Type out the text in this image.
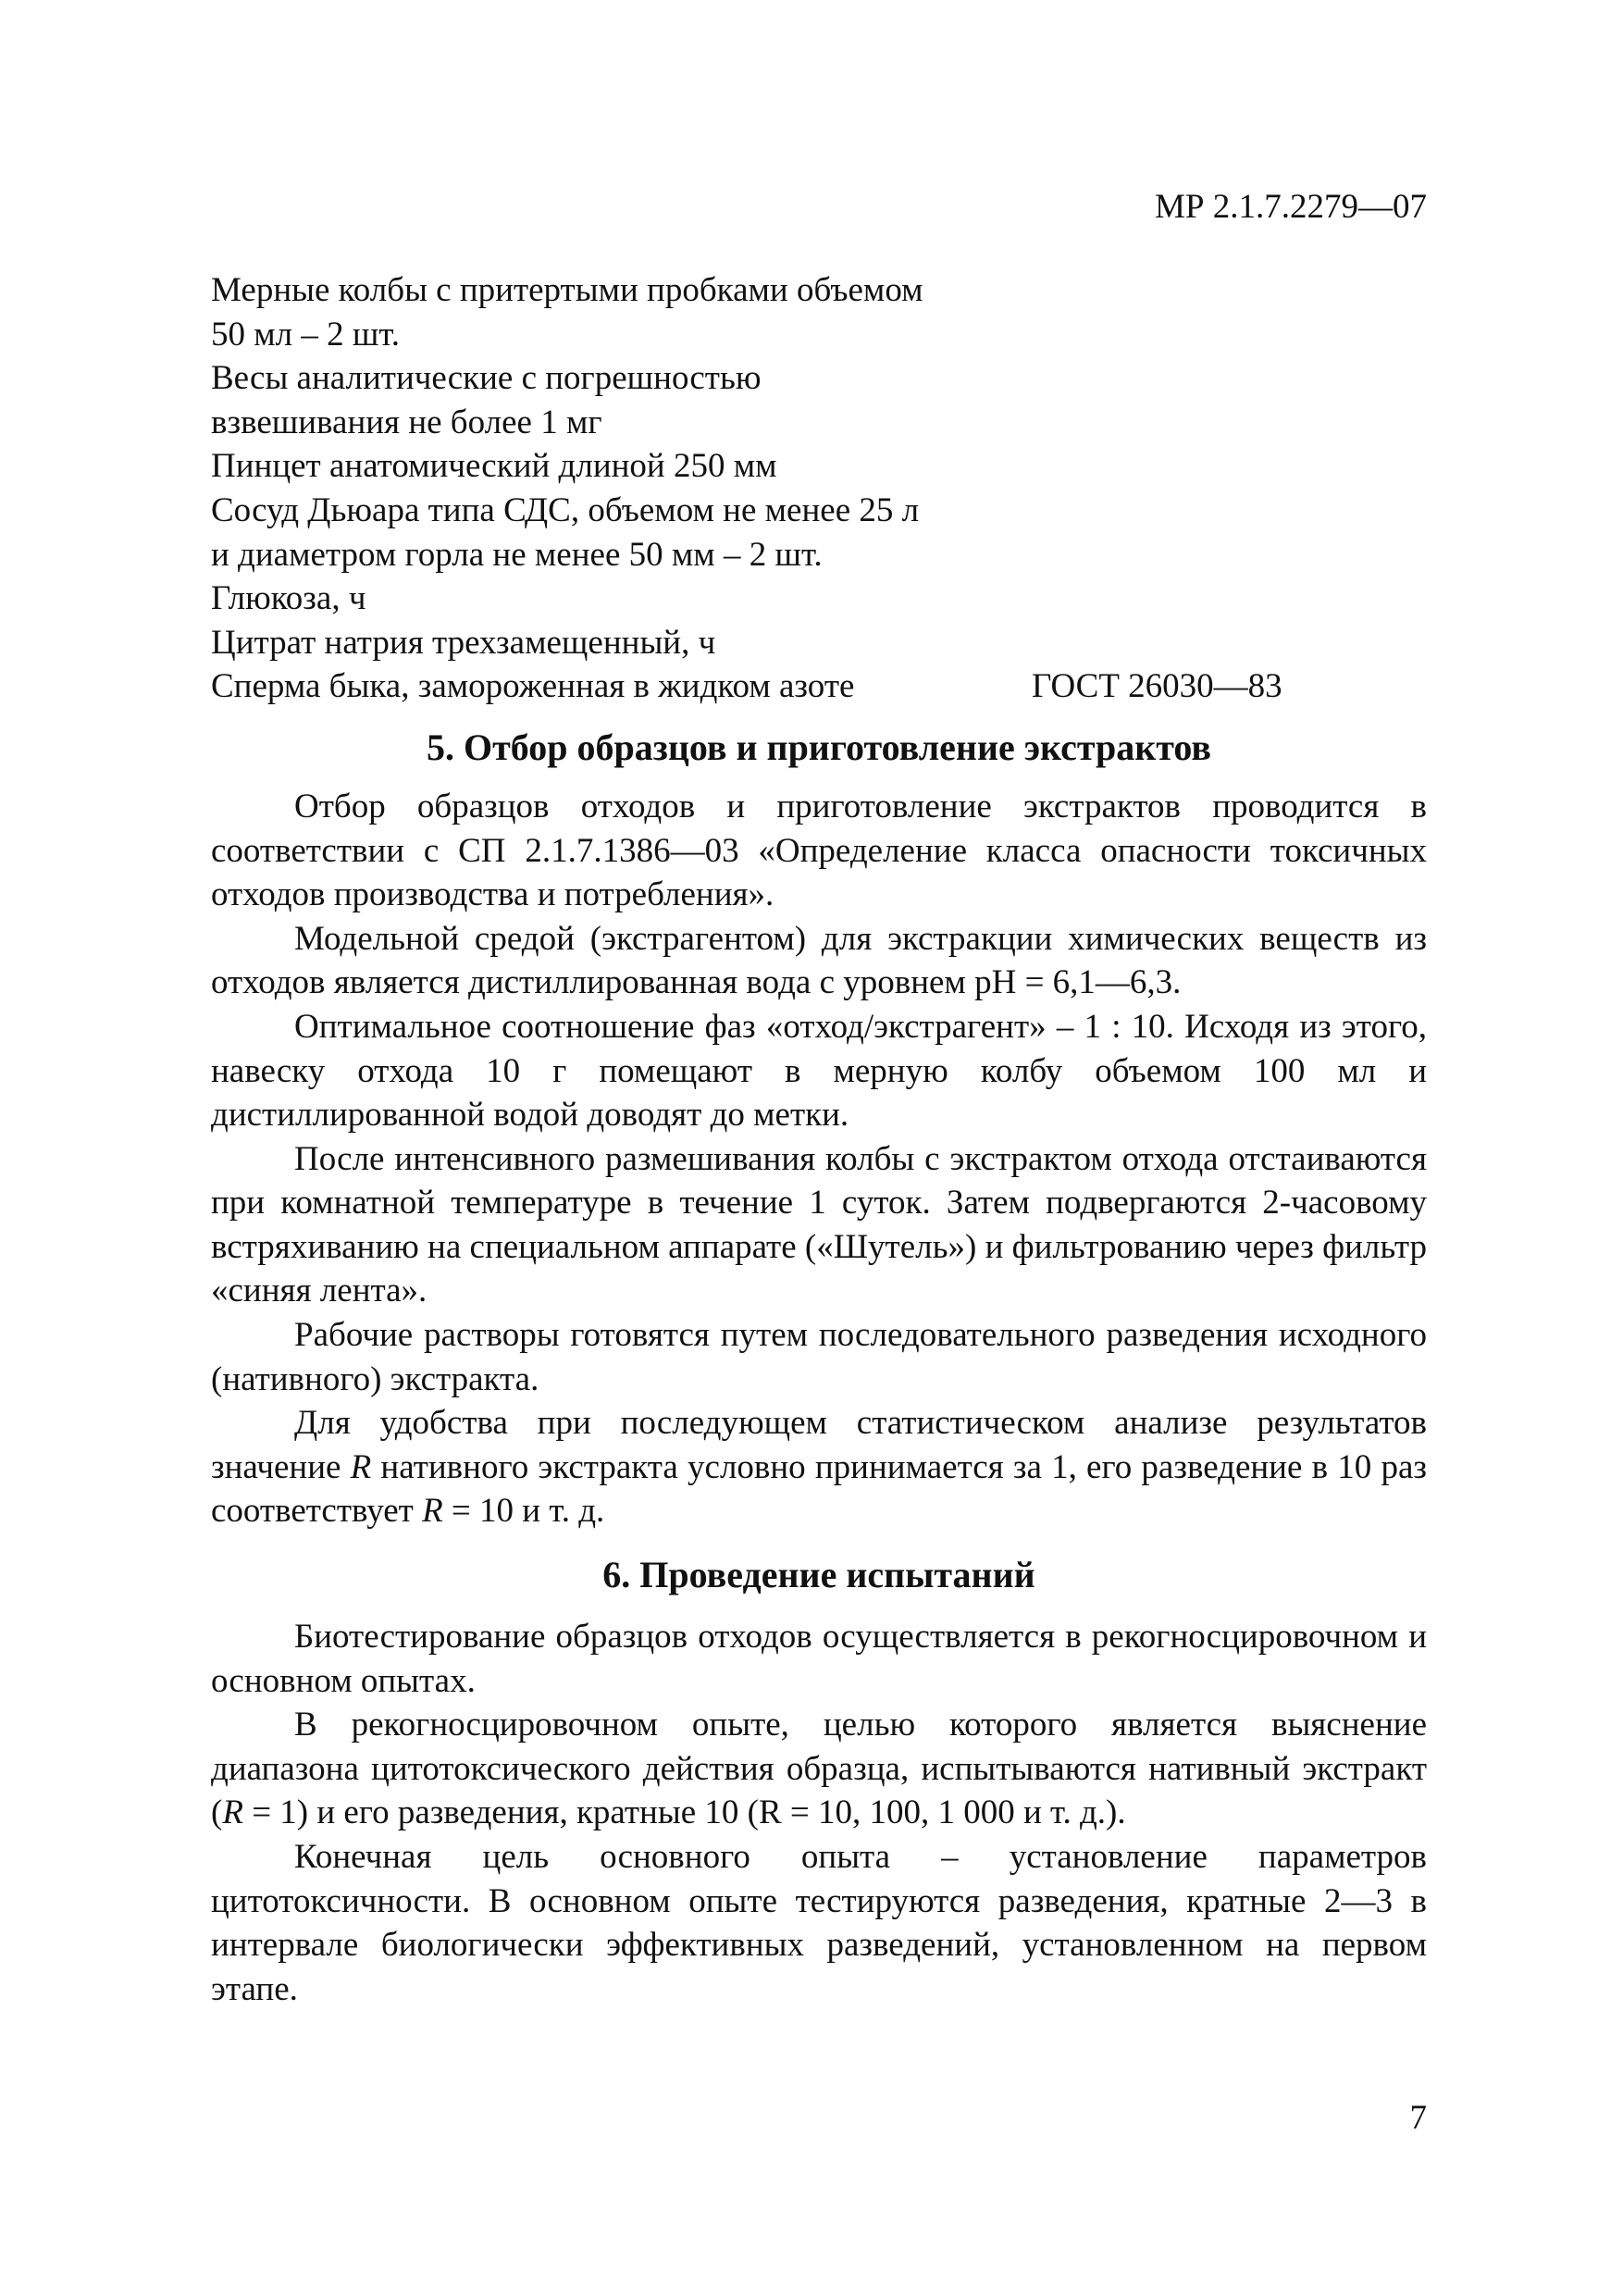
МР 2.1.7.2279—07
Мерные колбы с притертыми пробками объемом
50 мл – 2 шт.
Весы аналитические с погрешностью
взвешивания не более 1 мг
Пинцет анатомический длиной 250 мм
Сосуд Дьюара типа СДС, объемом не менее 25 л
и диаметром горла не менее 50 мм – 2 шт.
Глюкоза, ч
Цитрат натрия трехзамещенный, ч
Сперма быка, замороженная в жидком азоте	ГОСТ 26030—83
5. Отбор образцов и приготовление экстрактов

Отбор образцов отходов и приготовление экстрактов проводится в соответствии с СП 2.1.7.1386—03 «Определение класса опасности токсичных отходов производства и потребления».

Модельной средой (экстрагентом) для экстракции химических веществ из отходов является дистиллированная вода с уровнем pH = 6,1—6,3.

Оптимальное соотношение фаз «отход/экстрагент» – 1 : 10. Исходя из этого, навеску отхода 10 г помещают в мерную колбу объемом 100 мл и дистиллированной водой доводят до метки.

После интенсивного размешивания колбы с экстрактом отхода отстаиваются при комнатной температуре в течение 1 суток. Затем подвергаются 2-часовому встряхиванию на специальном аппарате («Шутель») и фильтрованию через фильтр «синяя лента».

Рабочие растворы готовятся путем последовательного разведения исходного (нативного) экстракта.

Для удобства при последующем статистическом анализе результатов значение R нативного экстракта условно принимается за 1, его разведение в 10 раз соответствует R = 10 и т. д.

6. Проведение испытаний

Биотестирование образцов отходов осуществляется в рекогносцировочном и основном опытах.

В рекогносцировочном опыте, целью которого является выяснение диапазона цитотоксического действия образца, испытываются нативный экстракт (R = 1) и его разведения, кратные 10 (R = 10, 100, 1 000 и т. д.).

Конечная цель основного опыта – установление параметров цитотоксичности. В основном опыте тестируются разведения, кратные 2—3 в интервале биологически эффективных разведений, установленном на первом этапе.

7
